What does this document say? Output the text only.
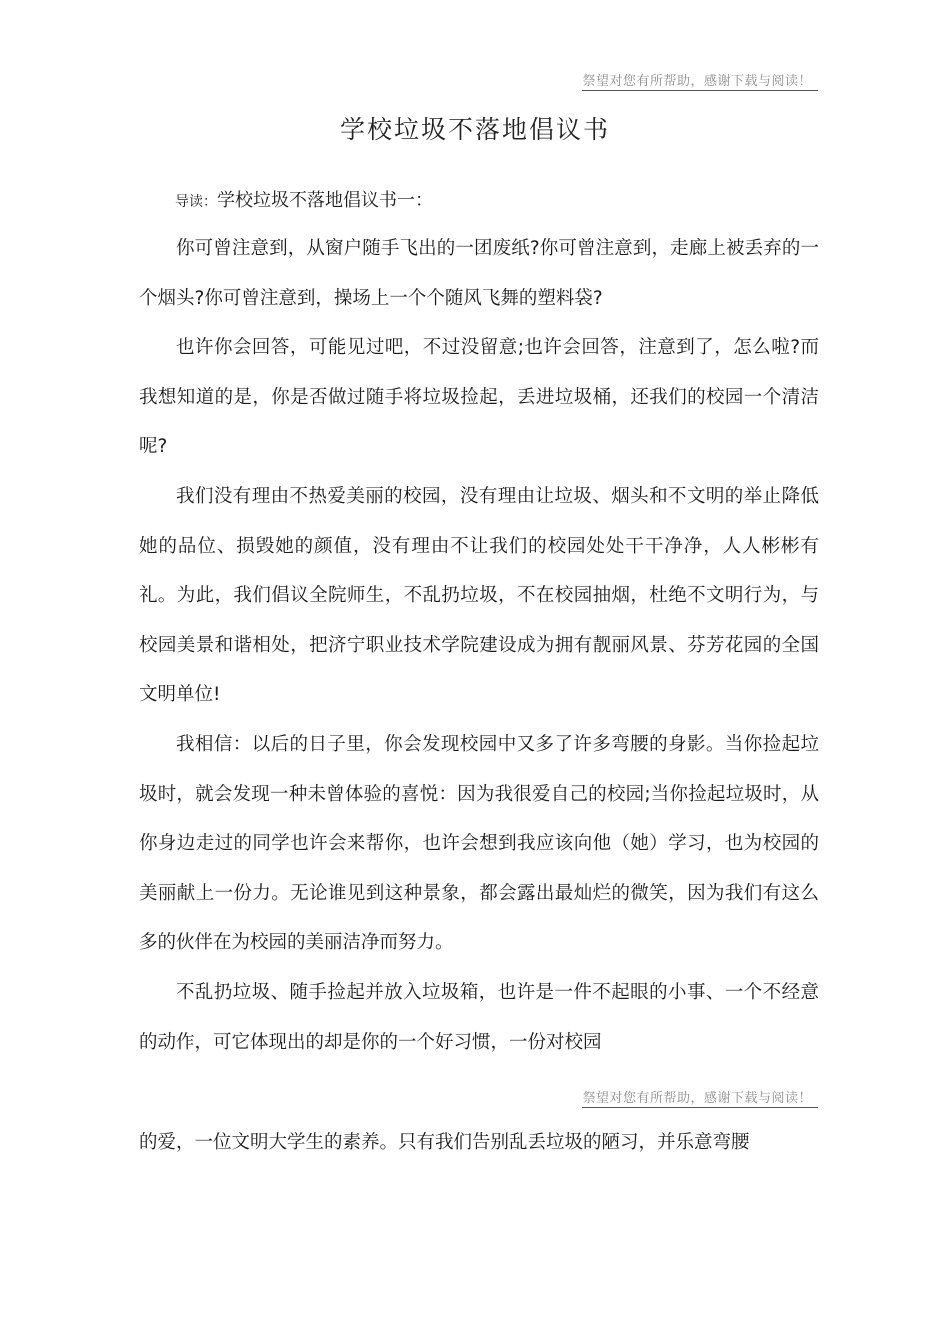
祭望对您有所帮助，感谢下载与阅读！
学校垃圾不落地倡议书
导读：学校垃圾不落地倡议书一：

你可曾注意到，从窗户随手飞出的一团废纸?你可曾注意到，走廊上被丢弃的一个烟头?你可曾注意到，操场上一个个随风飞舞的塑料袋?

也许你会回答，可能见过吧，不过没留意;也许会回答，注意到了，怎么啦?而我想知道的是，你是否做过随手将垃圾捡起，丢进垃圾桶，还我们的校园一个清洁呢?

我们没有理由不热爱美丽的校园，没有理由让垃圾、烟头和不文明的举止降低她的品位、损毁她的颜值，没有理由不让我们的校园处处干干净净，人人彬彬有礼。为此，我们倡议全院师生，不乱扔垃圾，不在校园抽烟，杜绝不文明行为，与校园美景和谐相处，把济宁职业技术学院建设成为拥有靓丽风景、芬芳花园的全国文明单位!

我相信：以后的日子里，你会发现校园中又多了许多弯腰的身影。当你捡起垃圾时，就会发现一种未曾体验的喜悦：因为我很爱自己的校园;当你捡起垃圾时，从你身边走过的同学也许会来帮你，也许会想到我应该向他（她）学习，也为校园的美丽献上一份力。无论谁见到这种景象，都会露出最灿烂的微笑，因为我们有这么多的伙伴在为校园的美丽洁净而努力。

不乱扔垃圾、随手捡起并放入垃圾箱，也许是一件不起眼的小事、一个不经意的动作，可它体现出的却是你的一个好习惯，一份对校园

祭望对您有所帮助，感谢下载与阅读！

的爱，一位文明大学生的素养。只有我们告别乱丢垃圾的陋习，并乐意弯腰
